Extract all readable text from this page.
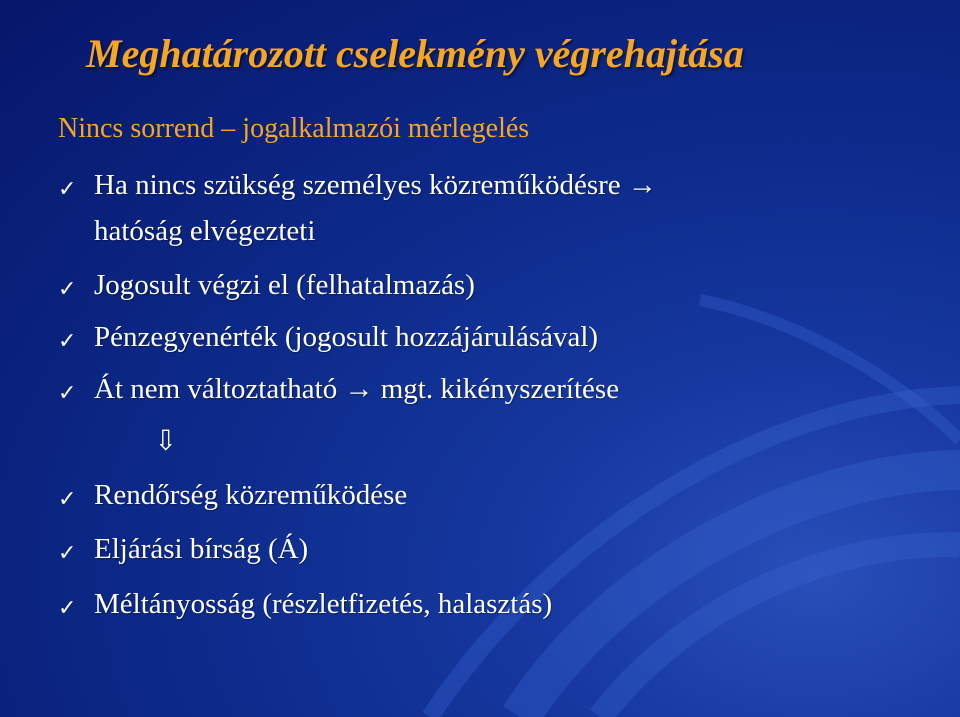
Meghatározott cselekmény végrehajtása
Nincs sorrend – jogalkalmazói mérlegelés
✓ Ha nincs szükség személyes közreműködésre →
hatóság elvégezteti
✓ Jogosult végzi el (felhatalmazás)
✓ Pénzegyenérték (jogosult hozzájárulásával)
✓ Át nem változtatható → mgt. kikényszerítése
⇩
✓ Rendőrség közreműködése
✓ Eljárási bírság (Á)
✓ Méltányosság (részletfizetés, halasztás)
